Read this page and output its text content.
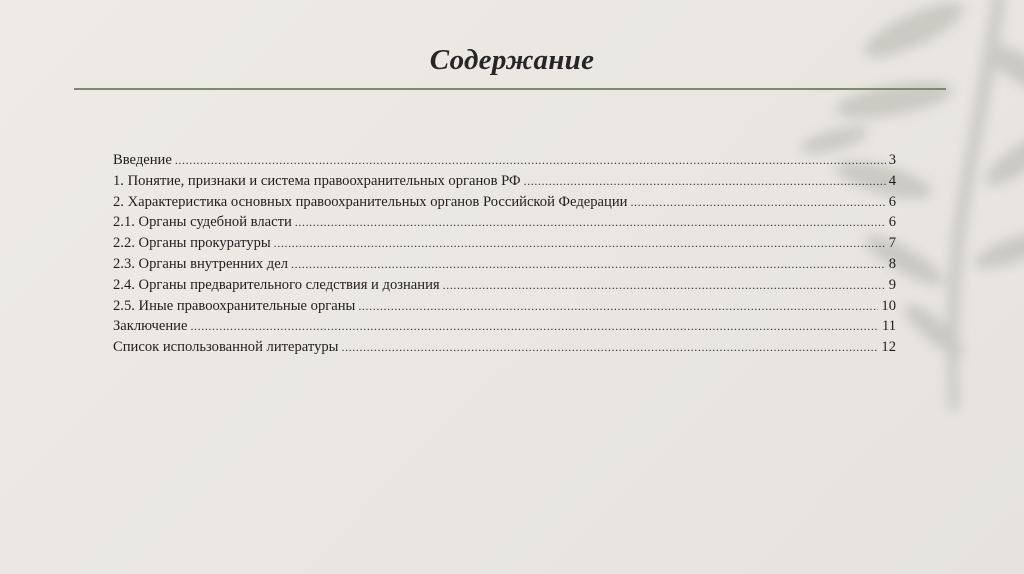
Содержание
Введение .....	3
1. Понятие, признаки и система правоохранительных органов РФ .....	4
2. Характеристика основных правоохранительных органов Российской Федерации .....	6
2.1. Органы судебной власти .....	6
2.2. Органы прокуратуры .....	7
2.3. Органы внутренних дел .....	8
2.4. Органы предварительного следствия и дознания .....	9
2.5. Иные правоохранительные органы .....	10
Заключение .....	11
Список использованной литературы .....	12
